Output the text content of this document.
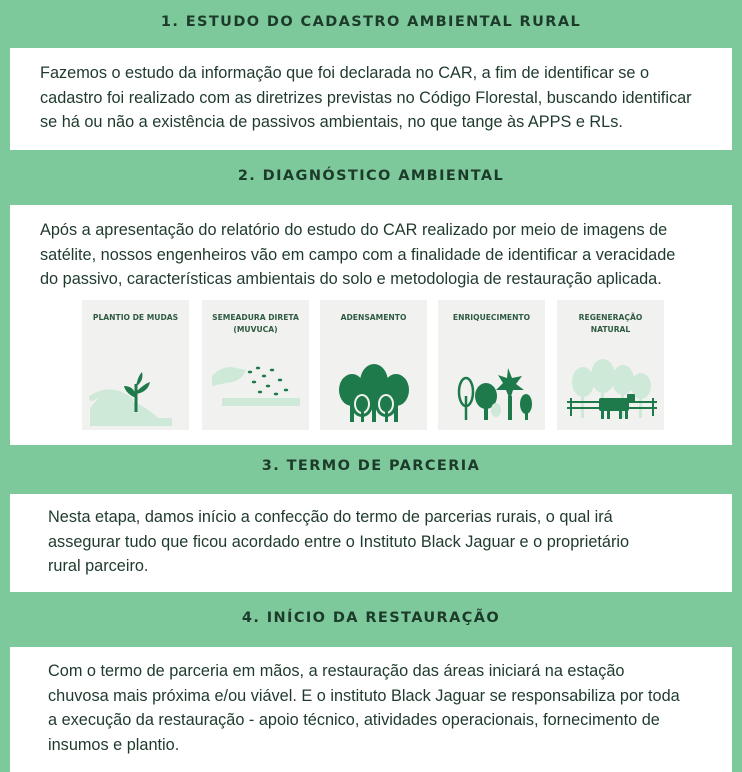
1. ESTUDO DO CADASTRO AMBIENTAL RURAL
Fazemos o estudo da informação que foi declarada no CAR, a fim de identificar se o
cadastro foi realizado com as diretrizes previstas no Código Florestal, buscando identificar
se há ou não a existência de passivos ambientais, no que tange às APPS e RLs.
2. DIAGNÓSTICO AMBIENTAL
Após a apresentação do relatório do estudo do CAR realizado por meio de imagens de
satélite, nossos engenheiros vão em campo com a finalidade de identificar a veracidade
do passivo, características ambientais do solo e metodologia de restauração aplicada.
PLANTIO DE MUDAS	SEMEADURA DIRETA
(MUVUCA)
ADENSAMENTO	ENRIQUECIMENTO	REGENERAÇÃO
NATURAL
3. TERMO DE PARCERIA
Nesta etapa, damos início a confecção do termo de parcerias rurais, o qual irá
assegurar tudo que ficou acordado entre o Instituto Black Jaguar e o proprietário
rural parceiro.
4. INÍCIO DA RESTAURAÇÃO
Com o termo de parceria em mãos, a restauração das áreas iniciará na estação
chuvosa mais próxima e/ou viável. E o instituto Black Jaguar se responsabiliza por toda
a execução da restauração - apoio técnico, atividades operacionais, fornecimento de
insumos e plantio.
